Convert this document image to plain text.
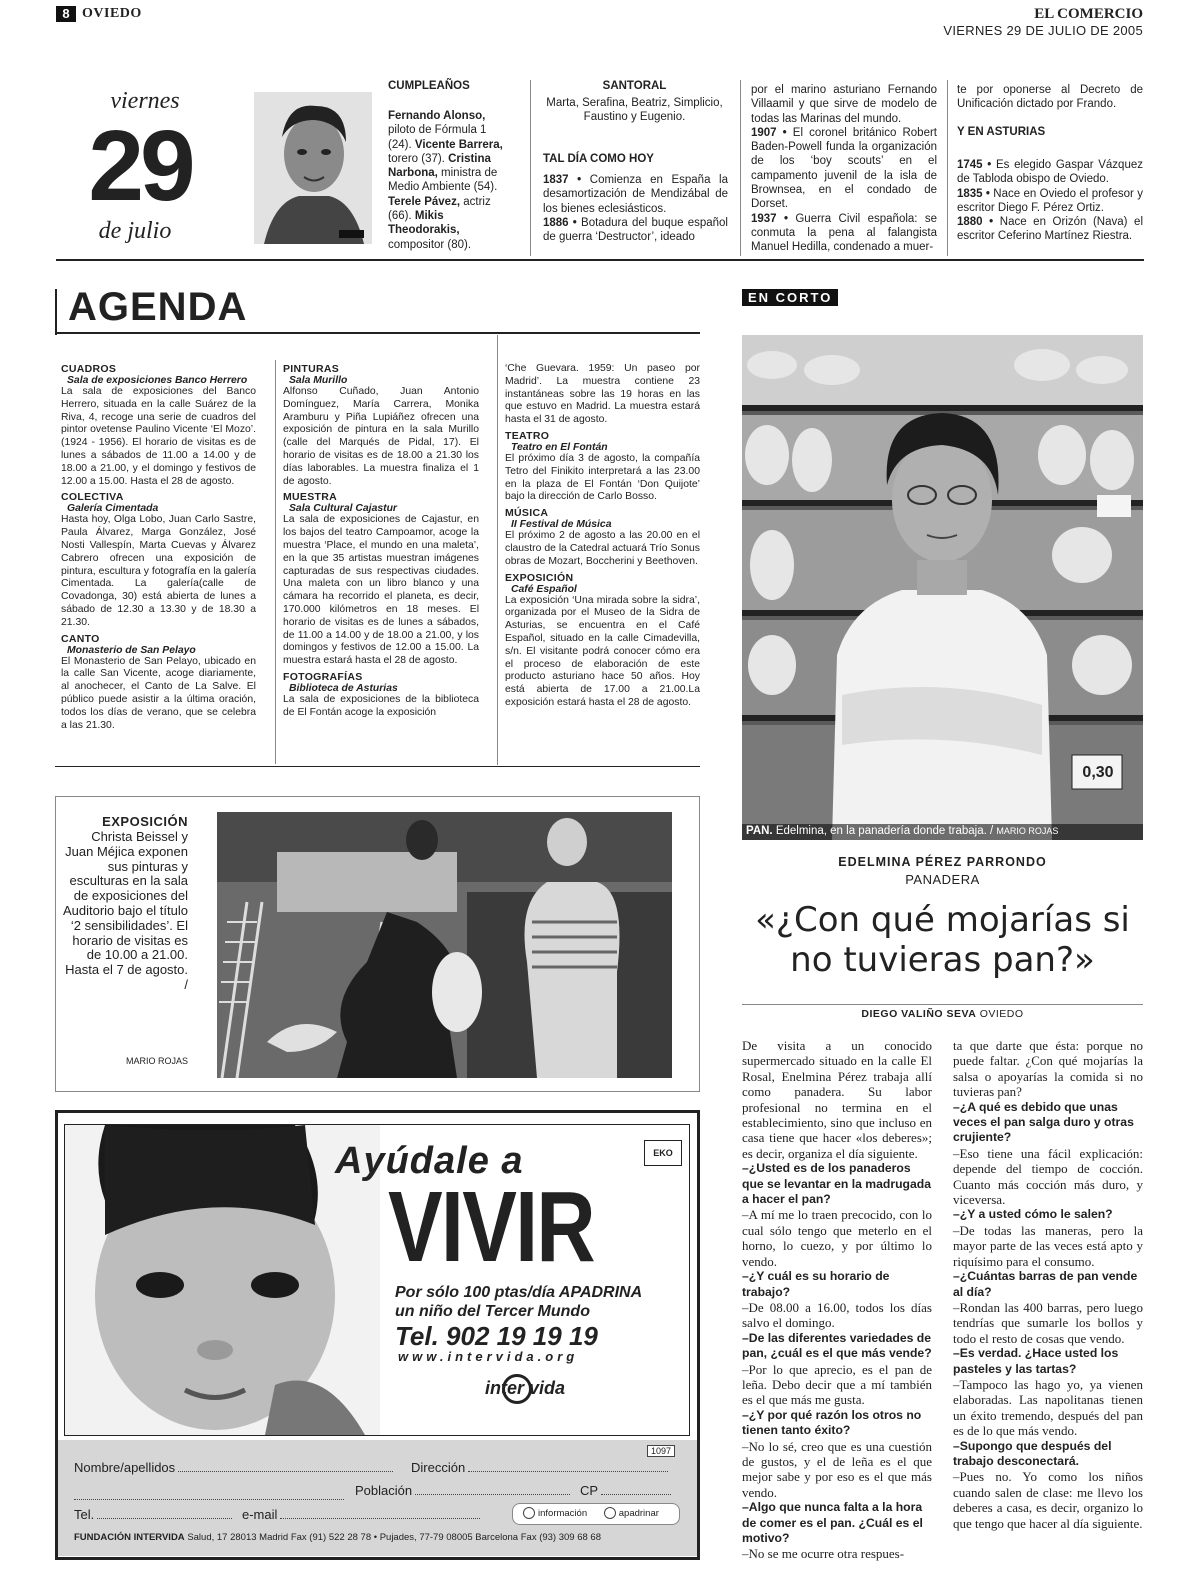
8 OVIEDO	EL COMERCIO
VIERNES 29 DE JULIO DE 2005
viernes
29
de julio
CUMPLEAÑOS

Fernando Alonso, piloto de Fórmula 1 (24). Vicente Barrera, torero (37). Cristina Narbona, ministra de Medio Ambiente (54). Terele Pávez, actriz (66). Mikis Theodorakis, compositor (80).

SANTORAL
Marta, Serafina, Beatriz, Simplicio, Faustino y Eugenio.
TAL DÍA COMO HOY

1837 • Comienza en España la desamortización de Mendizábal de los bienes eclesiásticos.

1886 • Botadura del buque español de guerra ‘Destructor’, ideado

por el marino asturiano Fernando Villaamil y que sirve de modelo de todas las Marinas del mundo.

1907 • El coronel británico Robert Baden-Powell funda la organización de los ‘boy scouts’ en el campamento juvenil de la isla de Brownsea, en el condado de Dorset.

1937 • Guerra Civil española: se conmuta la pena al falangista Manuel Hedilla, condenado a muer-

te por oponerse al Decreto de Unificación dictado por Frando.

Y EN ASTURIAS

1745 • Es elegido Gaspar Vázquez de Tabloda obispo de Oviedo.

1835 • Nace en Oviedo el profesor y escritor Diego F. Pérez Ortiz.

1880 • Nace en Orizón (Nava) el escritor Ceferino Martínez Riestra.

AGENDA
CUADROS
Sala de exposiciones Banco Herrero
La sala de exposiciones del Banco Herrero, situada en la calle Suárez de la Riva, 4, recoge una serie de cuadros del pintor ovetense Paulino Vicente ‘El Mozo’. (1924 - 1956). El horario de visitas es de lunes a sábados de 11.00 a 14.00 y de 18.00 a 21.00, y el domingo y festivos de 12.00 a 15.00. Hasta el 28 de agosto.
COLECTIVA
Galería Cimentada
Hasta hoy, Olga Lobo, Juan Carlo Sastre, Paula Álvarez, Marga González, José Nosti Vallespín, Marta Cuevas y Álvarez Cabrero ofrecen una exposición de pintura, escultura y fotografía en la galería Cimentada. La galería(calle de Covadonga, 30) está abierta de lunes a sábado de 12.30 a 13.30 y de 18.30 a 21.30.
CANTO
Monasterio de San Pelayo
El Monasterio de San Pelayo, ubicado en la calle San Vicente, acoge diariamente, al anochecer, el Canto de La Salve. El público puede asistir a la última oración, todos los días de verano, que se celebra a las 21.30.
PINTURAS
Sala Murillo
Alfonso Cuñado, Juan Antonio Domínguez, María Carrera, Monika Aramburu y Piña Lupiáñez ofrecen una exposición de pintura en la sala Murillo (calle del Marqués de Pidal, 17). El horario de visitas es de 18.00 a 21.30 los días laborables. La muestra finaliza el 1 de agosto.
MUESTRA
Sala Cultural Cajastur
La sala de exposiciones de Cajastur, en los bajos del teatro Campoamor, acoge la muestra ‘Place, el mundo en una maleta’, en la que 35 artistas muestran imágenes capturadas de sus respectivas ciudades. Una maleta con un libro blanco y una cámara ha recorrido el planeta, es decir, 170.000 kilómetros en 18 meses. El horario de visitas es de lunes a sábados, de 11.00 a 14.00 y de 18.00 a 21.00, y los domingos y festivos de 12.00 a 15.00. La muestra estará hasta el 28 de agosto.
FOTOGRAFÍAS
Biblioteca de Asturias
La sala de exposiciones de la biblioteca de El Fontán acoge la exposición
‘Che Guevara. 1959: Un paseo por Madrid’. La muestra contiene 23 instantáneas sobre las 19 horas en las que estuvo en Madrid. La muestra estará hasta el 31 de agosto.
TEATRO
Teatro en El Fontán
El próximo día 3 de agosto, la compañía Tetro del Finikito interpretará a las 23.00 en la plaza de El Fontán ‘Don Quijote’ bajo la dirección de Carlo Bosso.
MÚSICA
II Festival de Música
El próximo 2 de agosto a las 20.00 en el claustro de la Catedral actuará Trío Sonus obras de Mozart, Boccherini y Beethoven.
EXPOSICIÓN
Café Español
La exposición ‘Una mirada sobre la sidra’, organizada por el Museo de la Sidra de Asturias, se encuentra en el Café Español, situado en la calle Cimadevilla, s/n. El visitante podrá conocer cómo era el proceso de elaboración de este producto asturiano hace 50 años. Hoy está abierta de 17.00 a 21.00.La exposición estará hasta el 28 de agosto.
EXPOSICIÓN
Christa Beissel y Juan Méjica exponen sus pinturas y esculturas en la sala de exposiciones del Auditorio bajo el título ‘2 sensibilidades’. El horario de visitas es de 10.00 a 21.00. Hasta el 7 de agosto. /
MARIO ROJAS
Ayúdale a	EKO
VIVIR
Por sólo 100 ptas/día APADRINA
un niño del Tercer Mundo
Tel. 902 19 19 19
www.intervida.org
inter vida
1097
Nombre/apellidos	Dirección
Población	CP
Tel.	e-mail	información	apadrinar
FUNDACIÓN INTERVIDA Salud, 17 28013 Madrid Fax (91) 522 28 78 • Pujades, 77-79 08005 Barcelona Fax (93) 309 68 68
EN CORTO
0,30
PAN. Edelmina, en la panadería donde trabaja. / MARIO ROJAS
EDELMINA PÉREZ PARRONDO
PANADERA
«¿Con qué mojarías si no tuvieras pan?»
DIEGO VALIÑO SEVA OVIEDO

De visita a un conocido supermercado situado en la calle El Rosal, Enelmina Pérez trabaja allí como panadera. Su labor profesional no termina en el establecimiento, sino que incluso en casa tiene que hacer «los deberes»; es decir, organiza el día siguiente.

–¿Usted es de los panaderos que se levantar en la madrugada a hacer el pan?

–A mí me lo traen precocido, con lo cual sólo tengo que meterlo en el horno, lo cuezo, y por último lo vendo.

–¿Y cuál es su horario de trabajo?

–De 08.00 a 16.00, todos los días salvo el domingo.

–De las diferentes variedades de pan, ¿cuál es el que más vende?

–Por lo que aprecio, es el pan de leña. Debo decir que a mí también es el que más me gusta.

–¿Y por qué razón los otros no tienen tanto éxito?

–No lo sé, creo que es una cuestión de gustos, y el de leña es el que mejor sabe y por eso es el que más vendo.

–Algo que nunca falta a la hora de comer es el pan. ¿Cuál es el motivo?

–No se me ocurre otra respues-

ta que darte que ésta: porque no puede faltar. ¿Con qué mojarías la salsa o apoyarías la comida si no tuvieras pan?

–¿A qué es debido que unas veces el pan salga duro y otras crujiente?

–Eso tiene una fácil explicación: depende del tiempo de cocción. Cuanto más cocción más duro, y viceversa.

–¿Y a usted cómo le salen?

–De todas las maneras, pero la mayor parte de las veces está apto y riquísimo para el consumo.

–¿Cuántas barras de pan vende al día?

–Rondan las 400 barras, pero luego tendrías que sumarle los bollos y todo el resto de cosas que vendo.

–Es verdad. ¿Hace usted los pasteles y las tartas?

–Tampoco las hago yo, ya vienen elaboradas. Las napolitanas tienen un éxito tremendo, después del pan es de lo que más vendo.

–Supongo que después del trabajo desconectará.

–Pues no. Yo como los niños cuando salen de clase: me llevo los deberes a casa, es decir, organizo lo que tengo que hacer al día siguiente.
